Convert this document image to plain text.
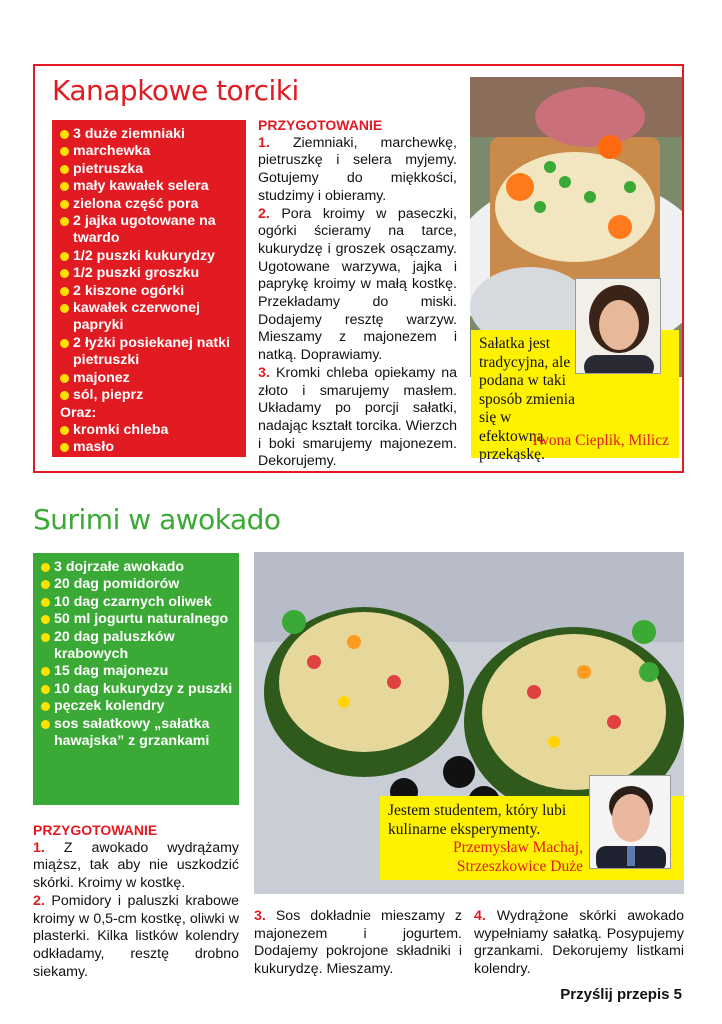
Kanapkowe torciki
3 duże ziemniaki
marchewka
pietruszka
mały kawałek selera
zielona część pora
2 jajka ugotowane na twardo
1/2 puszki kukurydzy
1/2 puszki groszku
2 kiszone ogórki
kawałek czerwonej papryki
2 łyżki posiekanej natki pietruszki
majonez
sól, pieprz
Oraz:
kromki chleba
masło
PRZYGOTOWANIE

1. Ziemniaki, marchewkę, pietruszkę i selera myjemy. Gotujemy do miękkości, studzimy i obieramy.

2. Pora kroimy w paseczki, ogórki ścieramy na tarce, kukurydzę i groszek osączamy. Ugotowane warzywa, jajka i paprykę kroimy w małą kostkę. Przekładamy do miski. Dodajemy resztę warzyw. Mieszamy z majonezem i natką. Doprawiamy.

3. Kromki chleba opiekamy na złoto i smarujemy masłem. Układamy po porcji sałatki, nadając kształt torcika. Wierzch i boki smarujemy majonezem. Dekorujemy.

Sałatka jest tradycyjna, ale podana w taki sposób zmienia się w efektowną przekąskę.
Iwona Cieplik, Milicz
Surimi w awokado
3 dojrzałe awokado
20 dag pomidorów
10 dag czarnych oliwek
50 ml jogurtu naturalnego
20 dag paluszków krabowych
15 dag majonezu
10 dag kukurydzy z puszki
pęczek kolendry
sos sałatkowy „sałatka hawajska” z grzankami
PRZYGOTOWANIE

1. Z awokado wydrążamy miąższ, tak aby nie uszkodzić skórki. Kroimy w kostkę.

2. Pomidory i paluszki krabowe kroimy w 0,5-cm kostkę, oliwki w plasterki. Kilka listków kolendry odkładamy, resztę drobno siekamy.

Jestem studentem, który lubi
kulinarne eksperymenty.
Przemysław Machaj,
Strzeszkowice Duże

3. Sos dokładnie mieszamy z majonezem i jogurtem. Dodajemy pokrojone składniki i kukurydzę. Mieszamy.

4. Wydrążone skórki awokado wypełniamy sałatką. Posypujemy grzankami. Dekorujemy listkami kolendry.

Przyślij przepis 5
